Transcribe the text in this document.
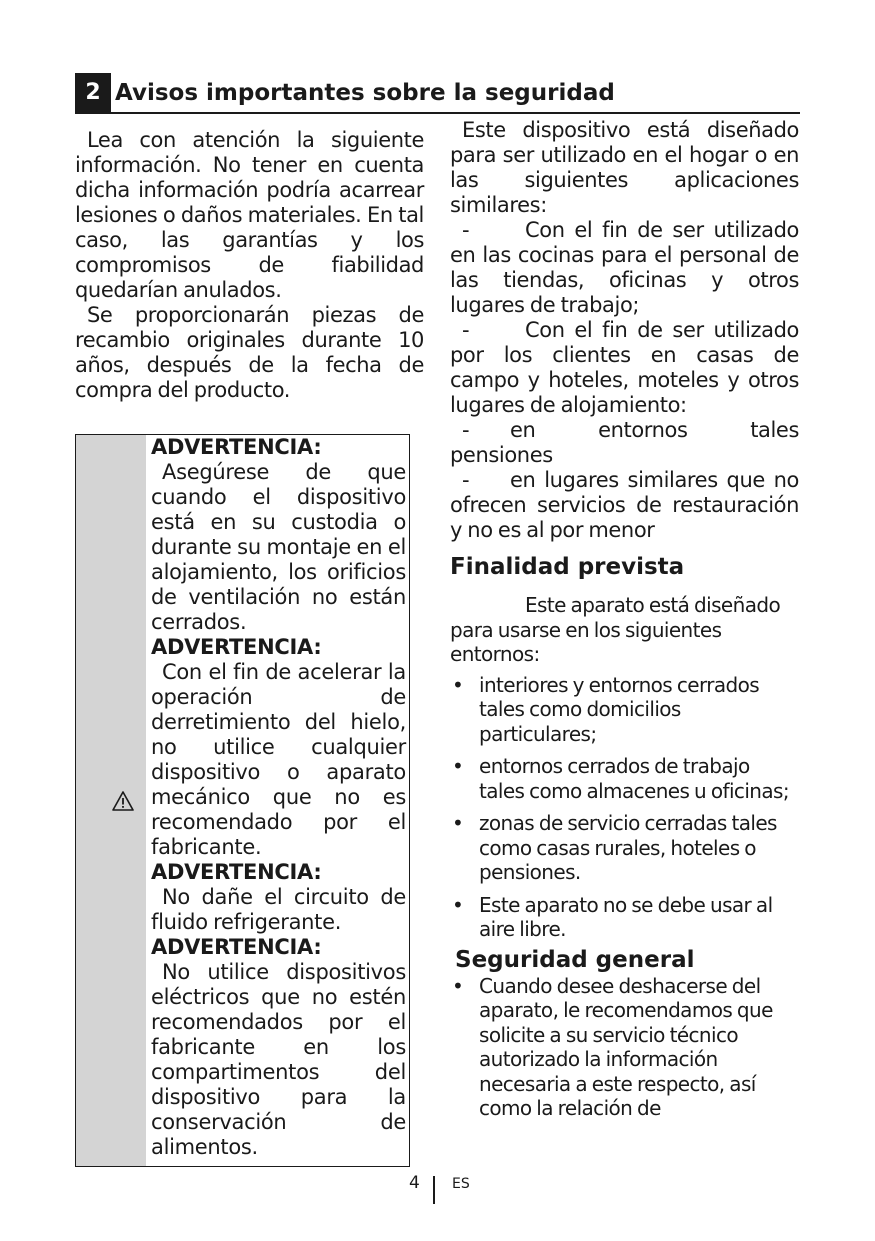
2 Avisos importantes sobre la seguridad

Lea con atención la siguiente información. No tener en cuenta dicha información podría acarrear lesiones o daños materiales. En tal caso, las garantías y los compromisos de fiabilidad quedarían anulados.

Se proporcionarán piezas de recambio originales durante 10 años, después de la fecha de compra del producto.

ADVERTENCIA:

Asegúrese de que cuando el dispositivo está en su custodia o durante su montaje en el alojamiento, los orificios de ventilación no están cerrados.

ADVERTENCIA:

Con el fin de acelerar la operación de derretimiento del hielo, no utilice cualquier dispositivo o aparato mecánico que no es recomendado por el fabricante.

ADVERTENCIA:

No dañe el circuito de fluido refrigerante.

ADVERTENCIA:

No utilice dispositivos eléctricos que no estén recomendados por el fabricante en los compartimentos del dispositivo para la conservación de alimentos.

Este dispositivo está diseñado para ser utilizado en el hogar o en las siguientes aplicaciones similares:

-	Con el fin de ser utilizado en las cocinas para el personal de las tiendas, oficinas y otros lugares de trabajo;

-	Con el fin de ser utilizado por los clientes en casas de campo y hoteles, moteles y otros lugares de alojamiento:

- en entornos tales pensiones

- en lugares similares que no ofrecen servicios de restauración y no es al por menor

Finalidad prevista

Este aparato está diseñado para usarse en los siguientes entornos:

• interiores y entornos cerrados tales como domicilios particulares;
• entornos cerrados de trabajo tales como almacenes u oficinas;
• zonas de servicio cerradas tales como casas rurales, hoteles o pensiones.
• Este aparato no se debe usar al aire libre.

Seguridad general

• Cuando desee deshacerse del aparato, le recomendamos que solicite a su servicio técnico autorizado la información necesaria a este respecto, así como la relación de
4 ES
